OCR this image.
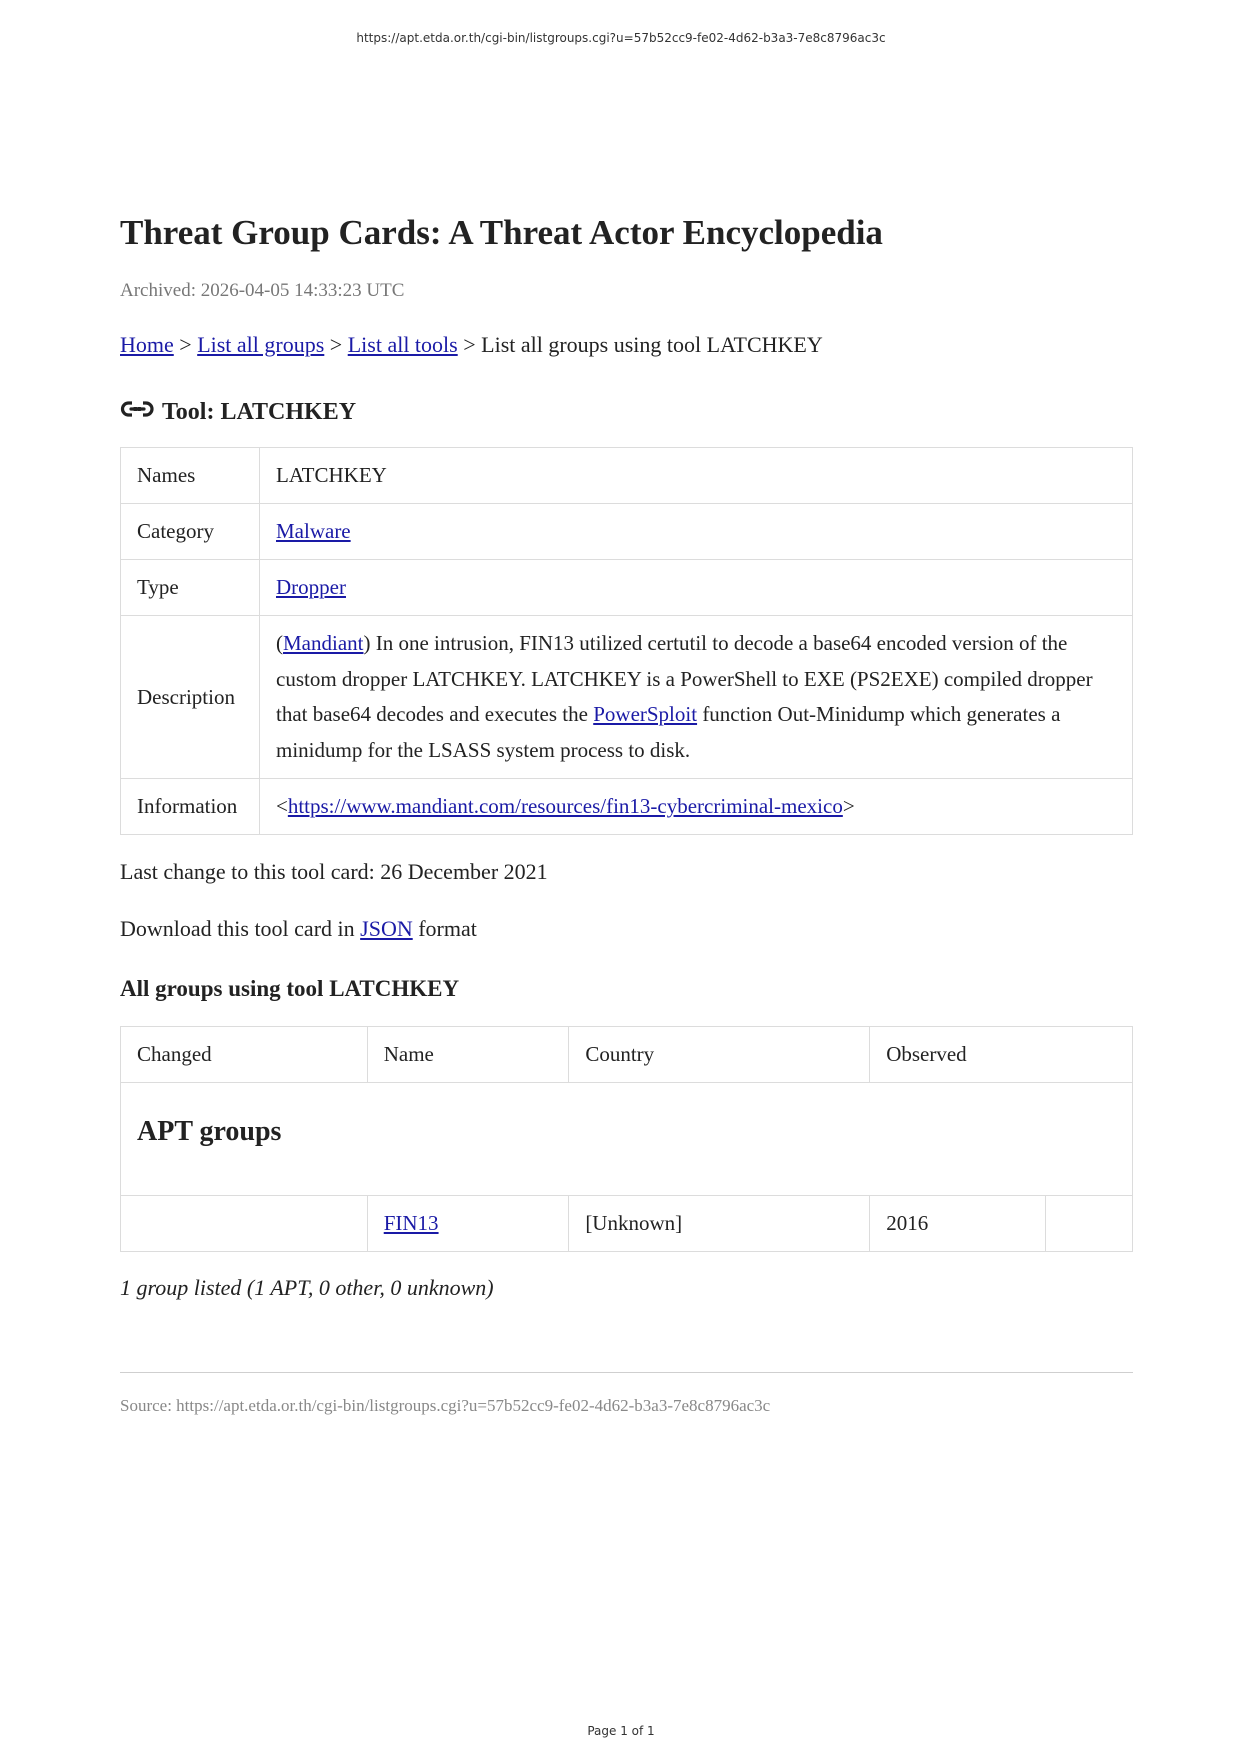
https://apt.etda.or.th/cgi-bin/listgroups.cgi?u=57b52cc9-fe02-4d62-b3a3-7e8c8796ac3c
Threat Group Cards: A Threat Actor Encyclopedia
Archived: 2026-04-05 14:33:23 UTC
Home > List all groups > List all tools > List all groups using tool LATCHKEY
Tool: LATCHKEY
Names	LATCHKEY
Category	Malware
Type	Dropper
Description	(Mandiant) In one intrusion, FIN13 utilized certutil to decode a base64 encoded version of the custom dropper LATCHKEY. LATCHKEY is a PowerShell to EXE (PS2EXE) compiled dropper that base64 decodes and executes the PowerSploit function Out-Minidump which generates a minidump for the LSASS system process to disk.
Information	<https://www.mandiant.com/resources/fin13-cybercriminal-mexico>
Last change to this tool card: 26 December 2021
Download this tool card in JSON format
All groups using tool LATCHKEY
Changed	Name	Country	Observed	
APT groups				
	FIN13	[Unknown]	2016	
1 group listed (1 APT, 0 other, 0 unknown)
Source: https://apt.etda.or.th/cgi-bin/listgroups.cgi?u=57b52cc9-fe02-4d62-b3a3-7e8c8796ac3c
Page 1 of 1
